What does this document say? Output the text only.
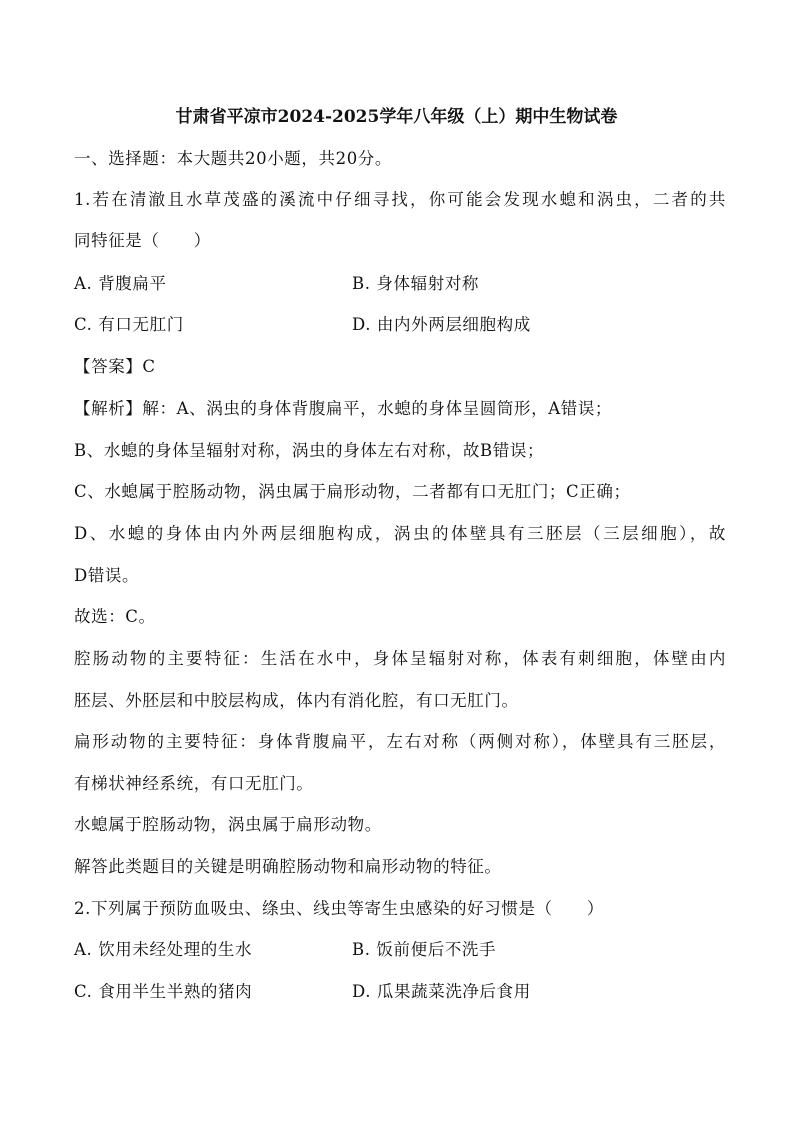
甘肃省平凉市2024-2025学年八年级（上）期中生物试卷
一、选择题：本大题共20小题，共20分。
1.若在清澈且水草茂盛的溪流中仔细寻找，你可能会发现水螅和涡虫，二者的共
同特征是（　　）
A. 背腹扁平	B. 身体辐射对称
C. 有口无肛门	D. 由内外两层细胞构成
【答案】C
【解析】解：A、涡虫的身体背腹扁平，水螅的身体呈圆筒形，A错误；
B、水螅的身体呈辐射对称，涡虫的身体左右对称，故B错误；
C、水螅属于腔肠动物，涡虫属于扁形动物，二者都有口无肛门；C正确；
D、水螅的身体由内外两层细胞构成，涡虫的体壁具有三胚层（三层细胞），故
D错误。
故选：C。
腔肠动物的主要特征：生活在水中，身体呈辐射对称，体表有刺细胞，体壁由内
胚层、外胚层和中胶层构成，体内有消化腔，有口无肛门。
扁形动物的主要特征：身体背腹扁平，左右对称（两侧对称），体壁具有三胚层，
有梯状神经系统，有口无肛门。
水螅属于腔肠动物，涡虫属于扁形动物。
解答此类题目的关键是明确腔肠动物和扁形动物的特征。
2.下列属于预防血吸虫、绦虫、线虫等寄生虫感染的好习惯是（　　）
A. 饮用未经处理的生水	B. 饭前便后不洗手
C. 食用半生半熟的猪肉	D. 瓜果蔬菜洗净后食用
